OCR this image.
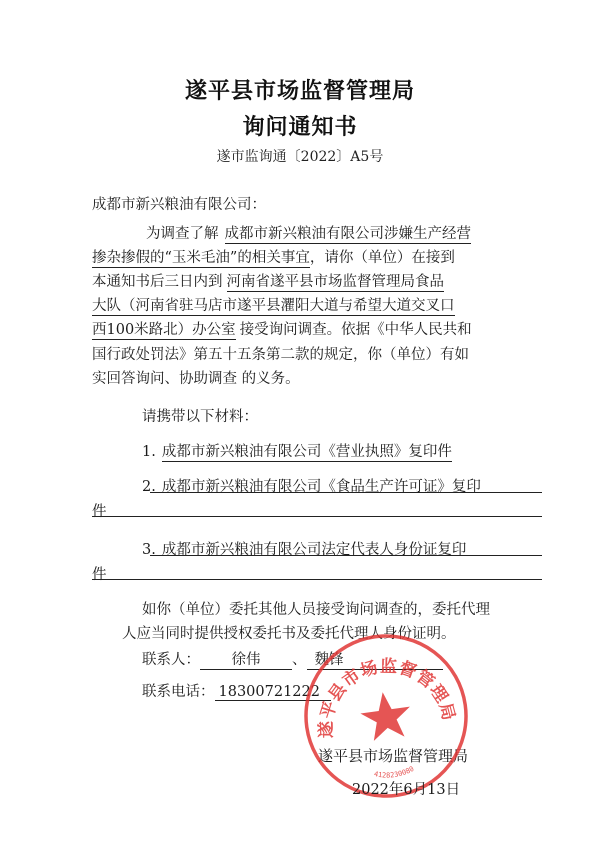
遂平县市场监督管理局
询问通知书
遂市监询通〔2022〕A5号
成都市新兴粮油有限公司：
为调查了解 成都市新兴粮油有限公司涉嫌生产经营
掺杂掺假的“玉米毛油”的相关事宜，请你（单位）在接到
本通知书后三日内到 河南省遂平县市场监督管理局食品
大队（河南省驻马店市遂平县灈阳大道与希望大道交叉口
西100米路北）办公室 接受询问调查。依据《中华人民共和
国行政处罚法》第五十五条第二款的规定，你（单位）有如
实回答询问、协助调查 的义务。
请携带以下材料：
1. 成都市新兴粮油有限公司《营业执照》复印件
2. 成都市新兴粮油有限公司《食品生产许可证》复印
件
3. 成都市新兴粮油有限公司法定代表人身份证复印
件
如你（单位）委托其他人员接受询问调查的，委托代理
人应当同时提供授权委托书及委托代理人身份证明。
联系人： 徐伟 、 魏锋
联系电话： 18300721222
遂平县市场监督管理局
遂平县市场监督管理局
4128230080
2022年6月13日
